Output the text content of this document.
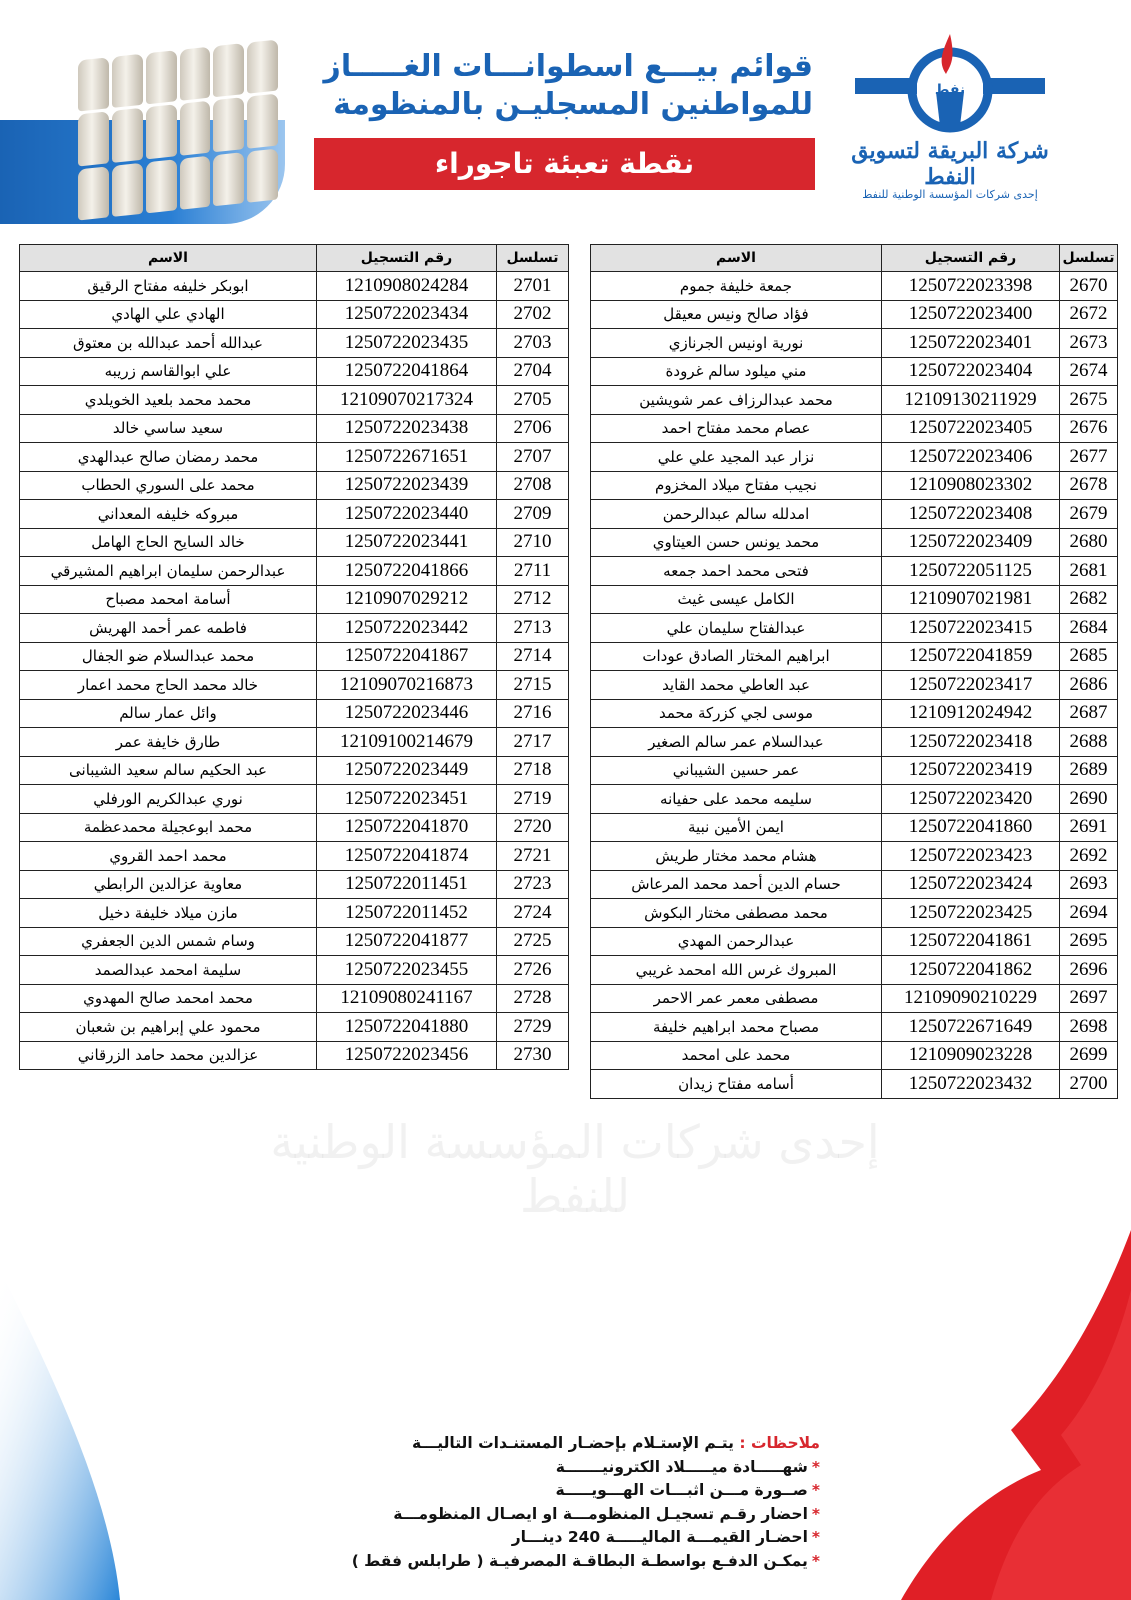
قوائم بيـــع اسطوانـــات الغـــــاز
للمواطنين المسجليـن بالمنظومة
نقطة تعبئة تاجوراء
نفط
شركة البريقة لتسويق النفط
إحدى شركات المؤسسة الوطنية للنفط
تسلسل	رقم التسجيل	الاسم
2670	1250722023398	جمعة خليفة جموم
2672	1250722023400	فؤاد صالح ونيس معيقل
2673	1250722023401	نورية اونيس الجرنازي
2674	1250722023404	مني ميلود سالم غرودة
2675	12109130211929	محمد عبدالرزاف عمر شويشين
2676	1250722023405	عصام محمد مفتاح احمد
2677	1250722023406	نزار عبد المجيد علي علي
2678	1210908023302	نجيب مفتاح ميلاد المخزوم
2679	1250722023408	امدلله سالم عبدالرحمن
2680	1250722023409	محمد يونس حسن العيتاوي
2681	1250722051125	فتحى محمد احمد جمعه
2682	1210907021981	الكامل عيسى غيث
2684	1250722023415	عبدالفتاح سليمان علي
2685	1250722041859	ابراهيم المختار الصادق عودات
2686	1250722023417	عبد العاطي محمد القايد
2687	1210912024942	موسى لجي كزركة محمد
2688	1250722023418	عبدالسلام عمر سالم الصغير
2689	1250722023419	عمر حسين الشيباني
2690	1250722023420	سليمه محمد على حفيانه
2691	1250722041860	ايمن الأمين نبية
2692	1250722023423	هشام محمد مختار طريش
2693	1250722023424	حسام الدين أحمد محمد المرعاش
2694	1250722023425	محمد مصطفى مختار البكوش
2695	1250722041861	عبدالرحمن المهدي
2696	1250722041862	المبروك غرس الله امحمد غريبي
2697	12109090210229	مصطفى معمر عمر الاحمر
2698	1250722671649	مصباح محمد ابراهيم خليفة
2699	1210909023228	محمد على امحمد
2700	1250722023432	أسامه مفتاح زيدان
تسلسل	رقم التسجيل	الاسم
2701	1210908024284	ابوبكر خليفه مفتاح الرقيق
2702	1250722023434	الهادي علي الهادي
2703	1250722023435	عبدالله أحمد عبدالله بن معتوق
2704	1250722041864	علي ابوالقاسم زريبه
2705	12109070217324	محمد محمد بلعيد الخويلدي
2706	1250722023438	سعيد ساسي خالد
2707	1250722671651	محمد رمضان صالح عبدالهدي
2708	1250722023439	محمد على السوري الحطاب
2709	1250722023440	مبروكه خليفه المعداني
2710	1250722023441	خالد السايح الحاج الهامل
2711	1250722041866	عبدالرحمن سليمان ابراهيم المشيرقي
2712	1210907029212	أسامة امحمد مصباح
2713	1250722023442	فاطمه عمر أحمد الهريش
2714	1250722041867	محمد عبدالسلام ضو الجفال
2715	12109070216873	خالد محمد الحاج محمد اعمار
2716	1250722023446	وائل عمار سالم
2717	12109100214679	طارق خايفة عمر
2718	1250722023449	عبد الحكيم سالم سعيد الشيبانى
2719	1250722023451	نوري عبدالكريم الورفلي
2720	1250722041870	محمد ابوعجيلة محمدعظمة
2721	1250722041874	محمد احمد القروي
2723	1250722011451	معاوية عزالدين الرابطي
2724	1250722011452	مازن ميلاد خليفة دخيل
2725	1250722041877	وسام شمس الدين الجعفري
2726	1250722023455	سليمة امحمد عبدالصمد
2728	12109080241167	محمد امحمد صالح المهدوي
2729	1250722041880	محمود علي إبراهيم بن شعبان
2730	1250722023456	عزالدين محمد حامد الزرقاني
إحدى شركات المؤسسة الوطنية للنفط
ملاحظات : يتـم الإستـلام بإحضـار المستنـدات التاليـــة
*شهـــــادة ميـــــلاد الكترونيـــــــة
*صــورة مـــن اثبـــات الهـــويـــــة
*احضار رقـم تسجيـل المنظومـــة او ايصـال المنظومـــة
*احضـار القيمـــة الماليـــــة 240 دينـــار
*يمكـن الدفـع بواسطـة البطاقـة المصرفيـة ( طرابلس فقط )
